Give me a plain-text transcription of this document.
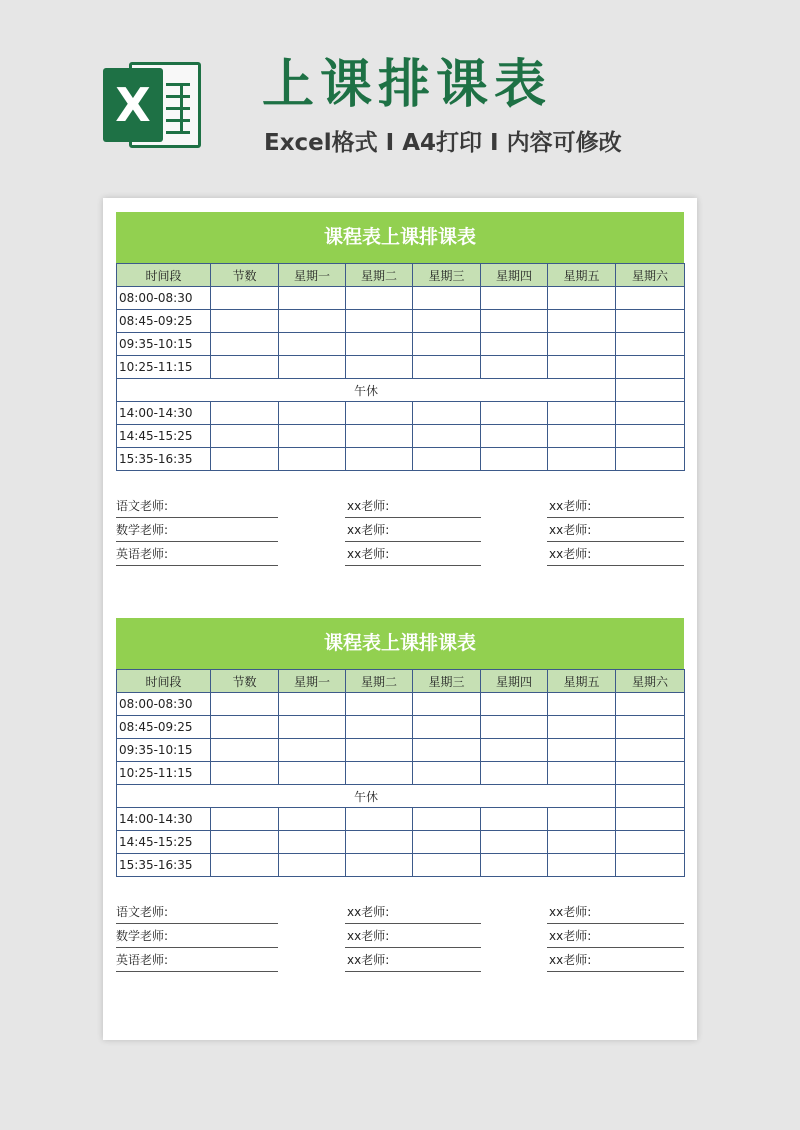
X 上课排课表

Excel格式 I A4打印 I 内容可修改

课程表上课排课表
时间段	节数	星期一	星期二	星期三	星期四	星期五	星期六
08:00-08:30							
08:45-09:25							
09:35-10:15							
10:25-11:15							
午休							
14:00-14:30							
14:45-15:25							
15:35-16:35							
语文老师:	xx老师:	xx老师:
数学老师:	xx老师:	xx老师:
英语老师:	xx老师:	xx老师:
课程表上课排课表
时间段	节数	星期一	星期二	星期三	星期四	星期五	星期六
08:00-08:30							
08:45-09:25							
09:35-10:15							
10:25-11:15							
午休							
14:00-14:30							
14:45-15:25							
15:35-16:35							
语文老师:	xx老师:	xx老师:
数学老师:	xx老师:	xx老师:
英语老师:	xx老师:	xx老师:
